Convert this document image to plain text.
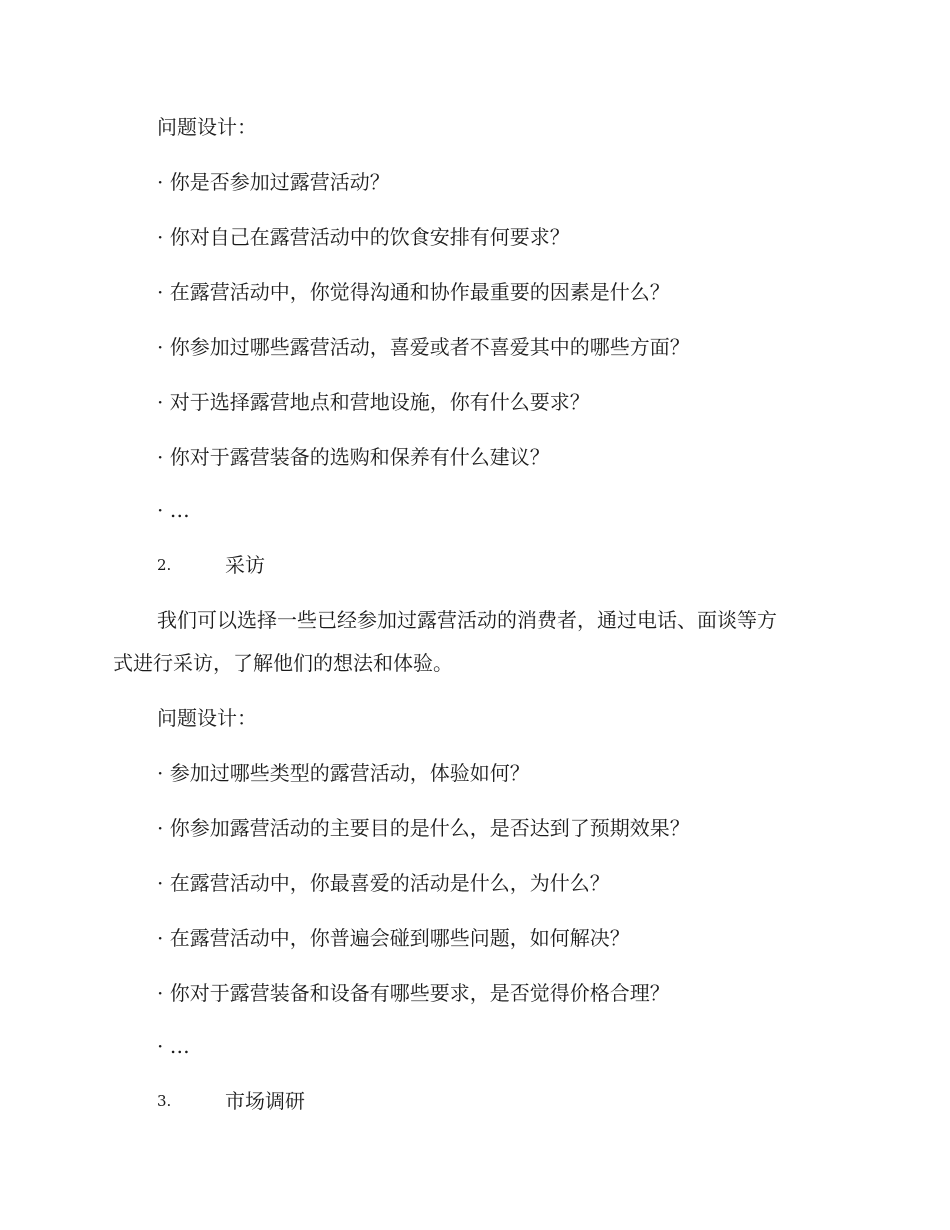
问题设计：
· 你是否参加过露营活动？
· 你对自己在露营活动中的饮食安排有何要求？
· 在露营活动中，你觉得沟通和协作最重要的因素是什么？
· 你参加过哪些露营活动，喜爱或者不喜爱其中的哪些方面？
· 对于选择露营地点和营地设施，你有什么要求？
· 你对于露营装备的选购和保养有什么建议？
· …
2.	采访
我们可以选择一些已经参加过露营活动的消费者，通过电话、面谈等方
式进行采访，了解他们的想法和体验。
问题设计：
· 参加过哪些类型的露营活动，体验如何？
· 你参加露营活动的主要目的是什么，是否达到了预期效果？
· 在露营活动中，你最喜爱的活动是什么，为什么？
· 在露营活动中，你普遍会碰到哪些问题，如何解决？
· 你对于露营装备和设备有哪些要求，是否觉得价格合理？
· …
3.	市场调研
